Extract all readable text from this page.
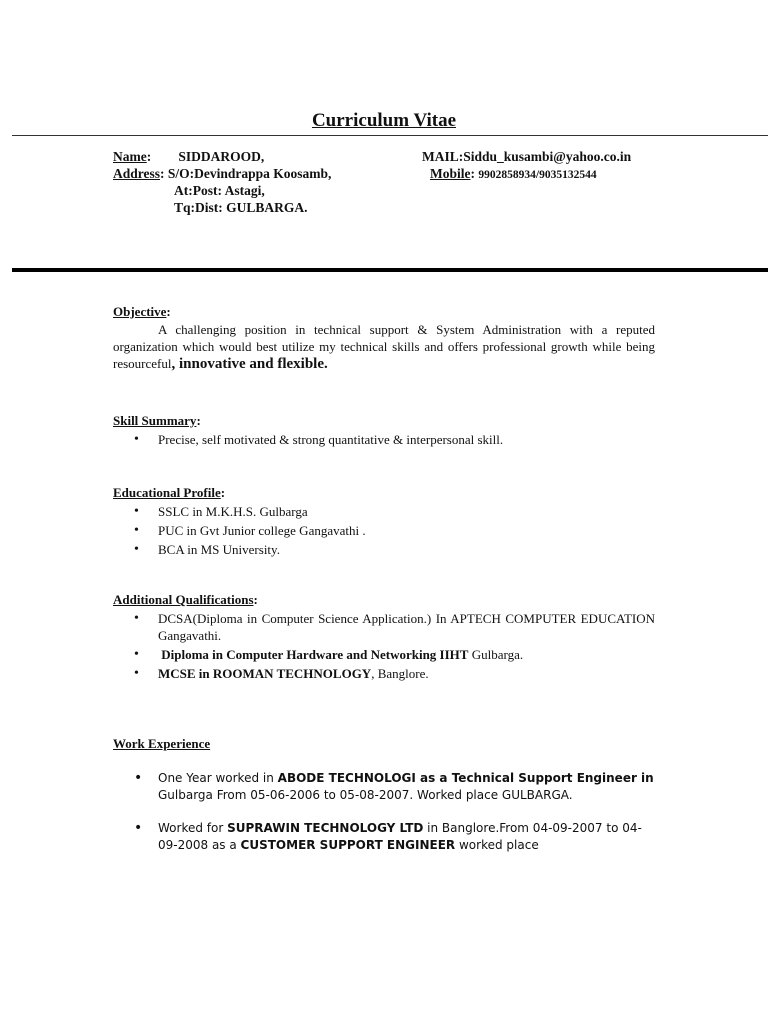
Curriculum Vitae
Name: SIDDAROOD,
Address: S/O:Devindrappa Koosamb,
At:Post: Astagi,
Tq:Dist: GULBARGA.
MAIL:Siddu_kusambi@yahoo.co.in
Mobile: 9902858934/9035132544
Objective:
A challenging position in technical support & System Administration with a reputed organization which would best utilize my technical skills and offers professional growth while being resourceful, innovative and flexible.
Skill Summary:
• Precise, self motivated & strong quantitative & interpersonal skill.
Educational Profile:
• SSLC in M.K.H.S. Gulbarga
• PUC in Gvt Junior college Gangavathi .
• BCA in MS University.
Additional Qualifications:
• DCSA(Diploma in Computer Science Application.) In APTECH COMPUTER EDUCATION Gangavathi.
• Diploma in Computer Hardware and Networking IIHT Gulbarga.
• MCSE in ROOMAN TECHNOLOGY, Banglore.
Work Experience
• One Year worked in ABODE TECHNOLOGI as a Technical Support Engineer in Gulbarga From 05-06-2006 to 05-08-2007. Worked place GULBARGA.
• Worked for SUPRAWIN TECHNOLOGY LTD in Banglore.From 04-09-2007 to 04-09-2008 as a CUSTOMER SUPPORT ENGINEER worked place
